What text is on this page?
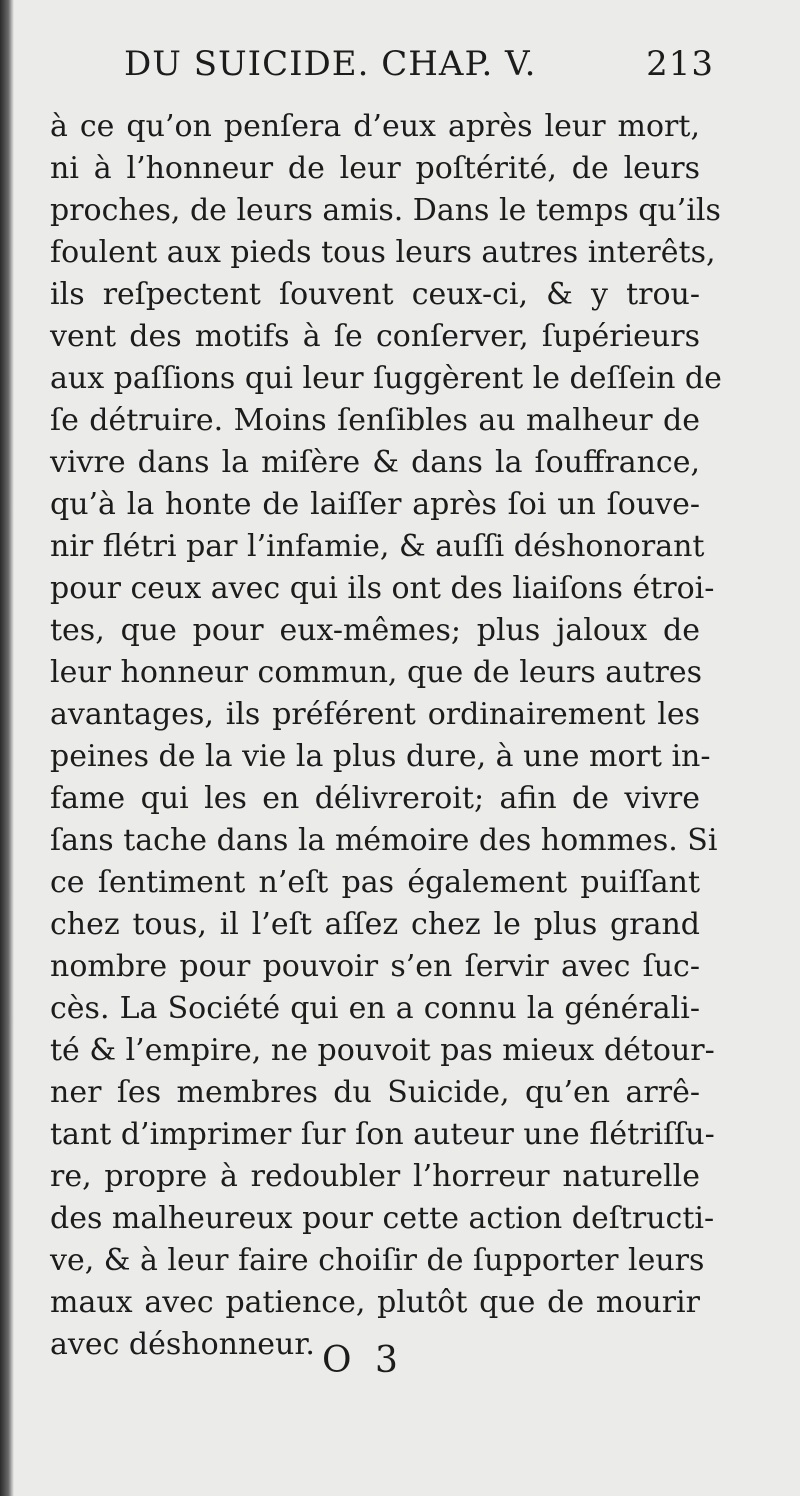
DU SUICIDE. CHAP. V.	213
à ce qu’on penſera d’eux après leur mort,
ni à l’honneur de leur poſtérité, de leurs
proches, de leurs amis. Dans le temps qu’ils
foulent aux pieds tous leurs autres interêts,
ils reſpectent ſouvent ceux-ci, & y trou-
vent des motifs à ſe conſerver, ſupérieurs
aux paſſions qui leur ſuggèrent le deſſein de
ſe détruire. Moins ſenſibles au malheur de
vivre dans la miſère & dans la ſouffrance,
qu’à la honte de laiſſer après ſoi un ſouve-
nir flétri par l’infamie, & auſſi déshonorant
pour ceux avec qui ils ont des liaiſons étroi-
tes, que pour eux-mêmes; plus jaloux de
leur honneur commun, que de leurs autres
avantages, ils préférent ordinairement les
peines de la vie la plus dure, à une mort in-
fame qui les en délivreroit; afin de vivre
ſans tache dans la mémoire des hommes. Si
ce ſentiment n’eſt pas également puiſſant
chez tous, il l’eſt aſſez chez le plus grand
nombre pour pouvoir s’en ſervir avec ſuc-
cès. La Société qui en a connu la générali-
té & l’empire, ne pouvoit pas mieux détour-
ner ſes membres du Suicide, qu’en arrê-
tant d’imprimer ſur ſon auteur une flétriſſu-
re, propre à redoubler l’horreur naturelle
des malheureux pour cette action deſtructi-
ve, & à leur faire choiſir de ſupporter leurs
maux avec patience, plutôt que de mourir
avec déshonneur. O 3
